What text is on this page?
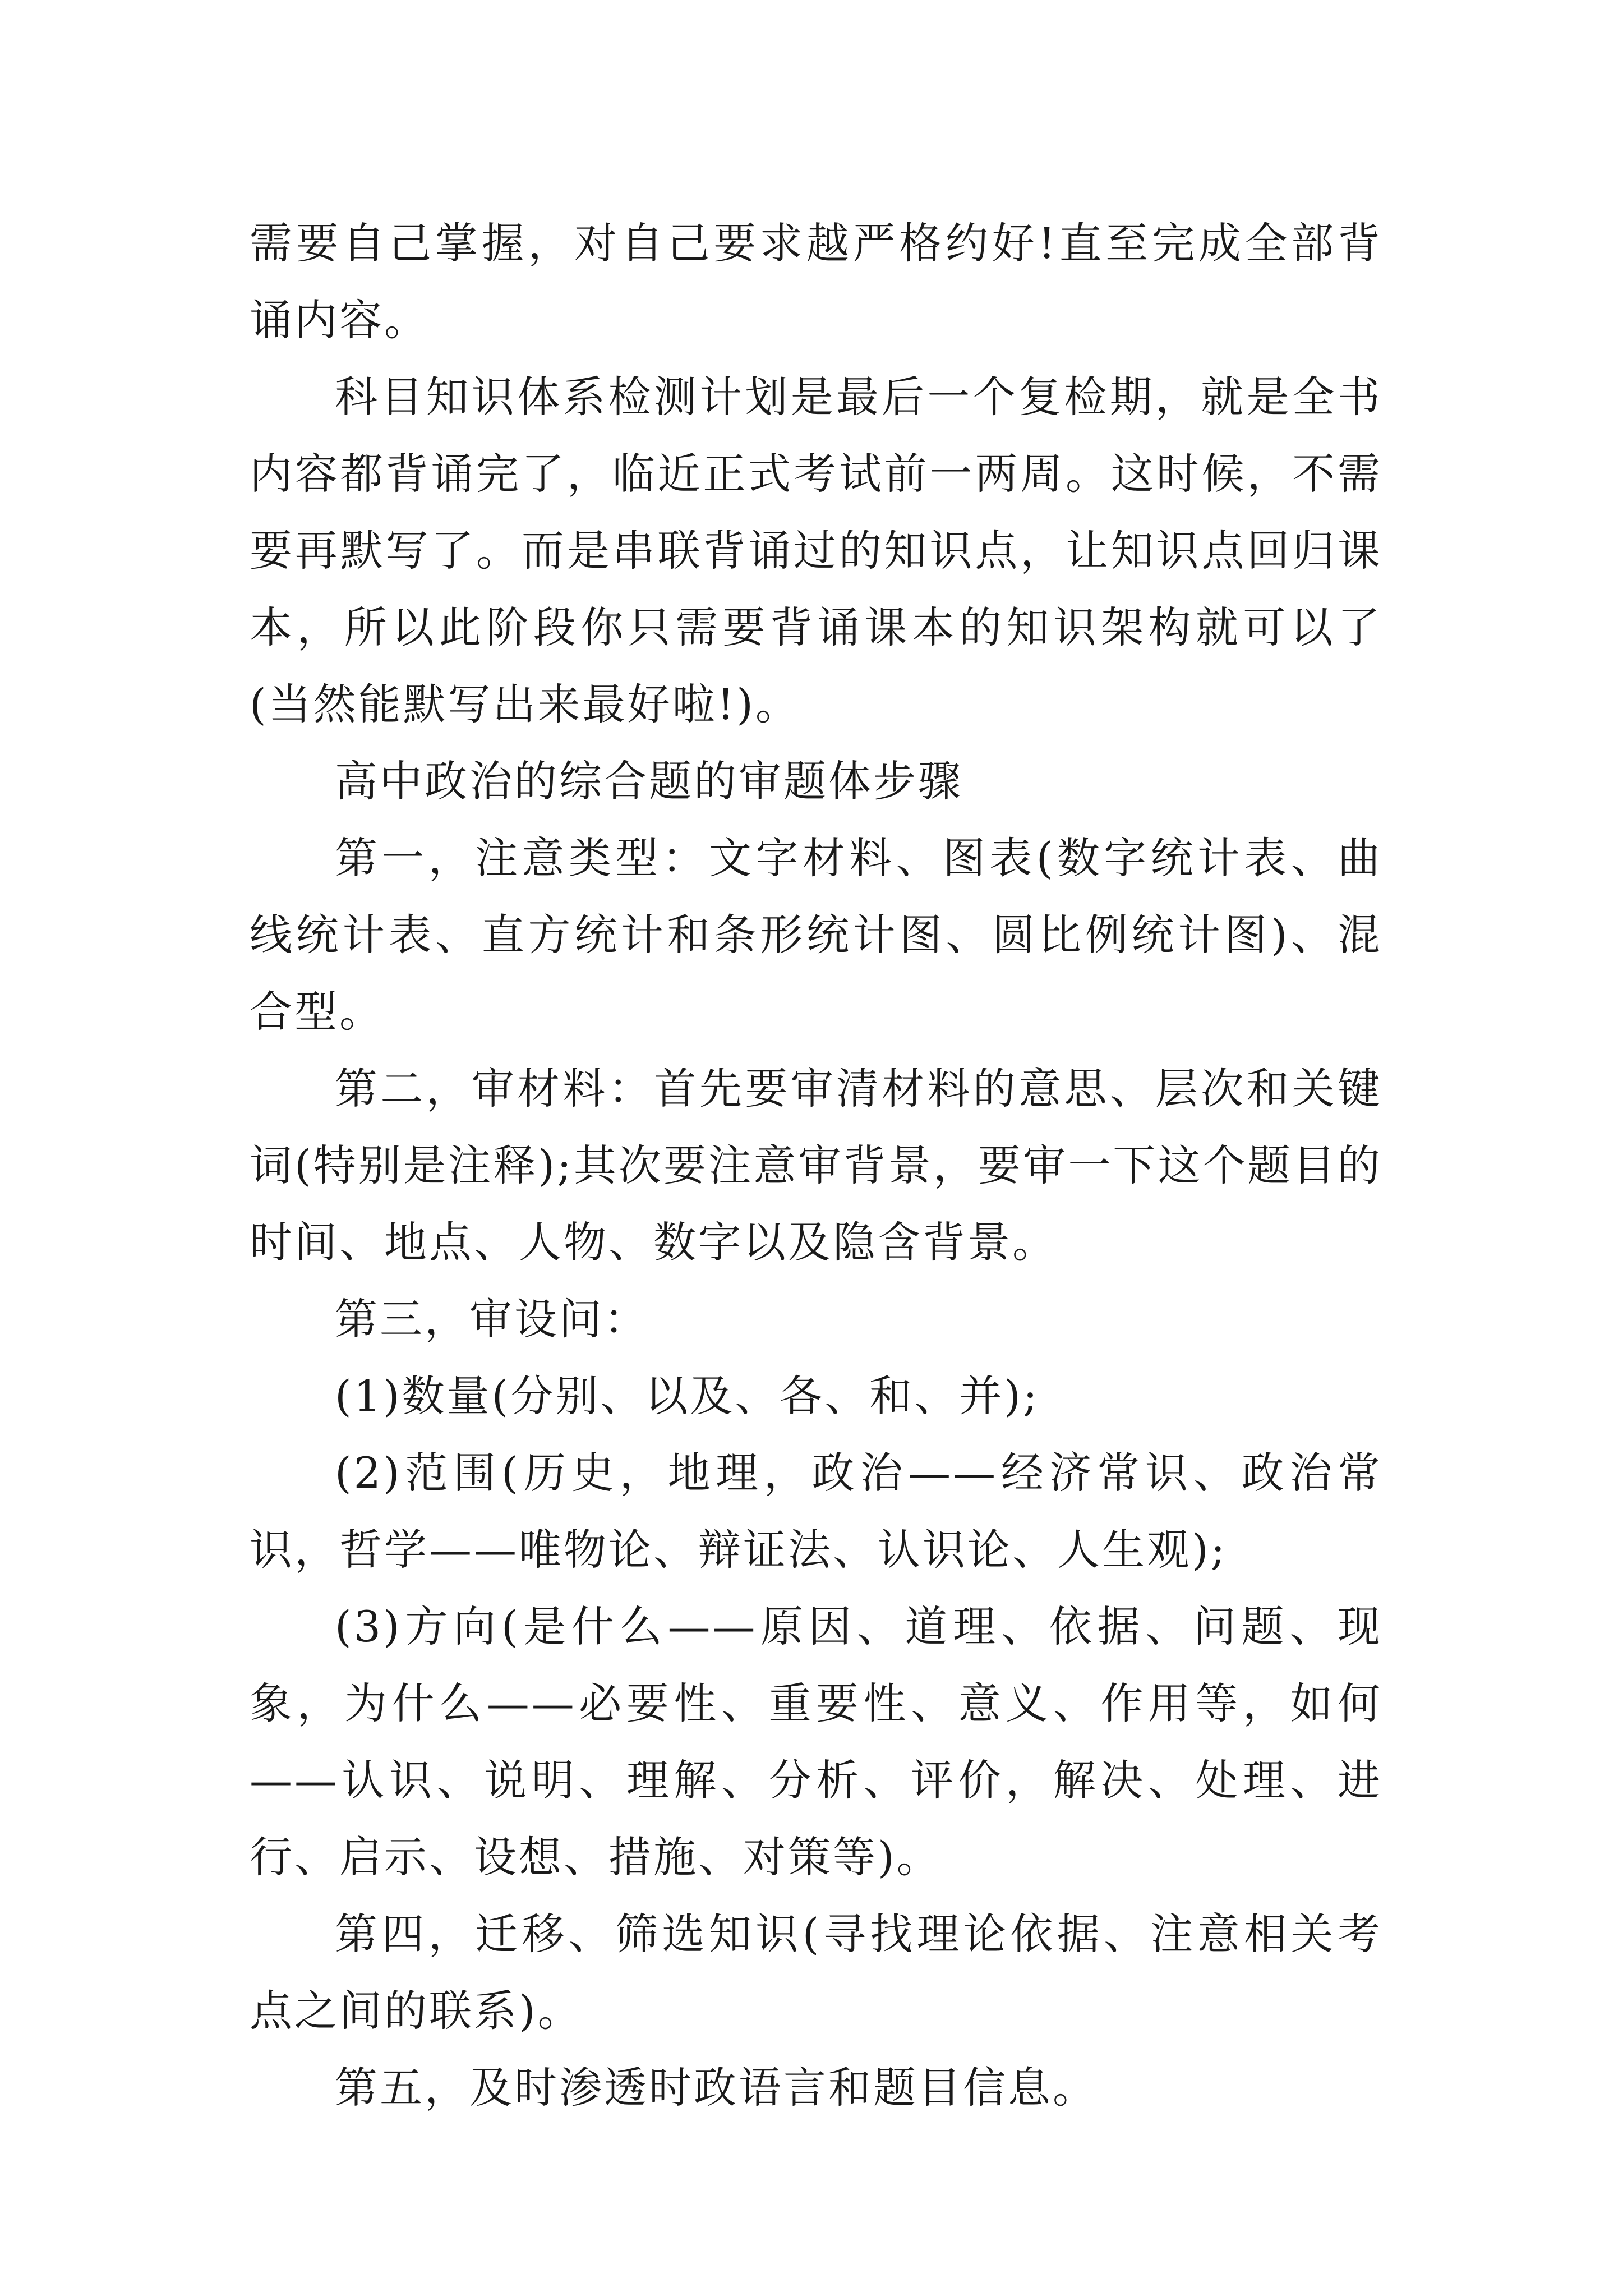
需要自己掌握，对自己要求越严格约好!直至完成全部背诵内容。

科目知识体系检测计划是最后一个复检期，就是全书内容都背诵完了，临近正式考试前一两周。这时候，不需要再默写了。而是串联背诵过的知识点，让知识点回归课本，所以此阶段你只需要背诵课本的知识架构就可以了(当然能默写出来最好啦!)。

高中政治的综合题的审题体步骤

第一，注意类型：文字材料、图表(数字统计表、曲线统计表、直方统计和条形统计图、圆比例统计图)、混合型。

第二，审材料：首先要审清材料的意思、层次和关键词(特别是注释);其次要注意审背景，要审一下这个题目的时间、地点、人物、数字以及隐含背景。

第三，审设问：

(1)数量(分别、以及、各、和、并);

(2)范围(历史，地理，政治——经济常识、政治常识，哲学——唯物论、辩证法、认识论、人生观);

(3)方向(是什么——原因、道理、依据、问题、现象，为什么——必要性、重要性、意义、作用等，如何——认识、说明、理解、分析、评价，解决、处理、进行、启示、设想、措施、对策等)。

第四，迁移、筛选知识(寻找理论依据、注意相关考点之间的联系)。

第五，及时渗透时政语言和题目信息。
